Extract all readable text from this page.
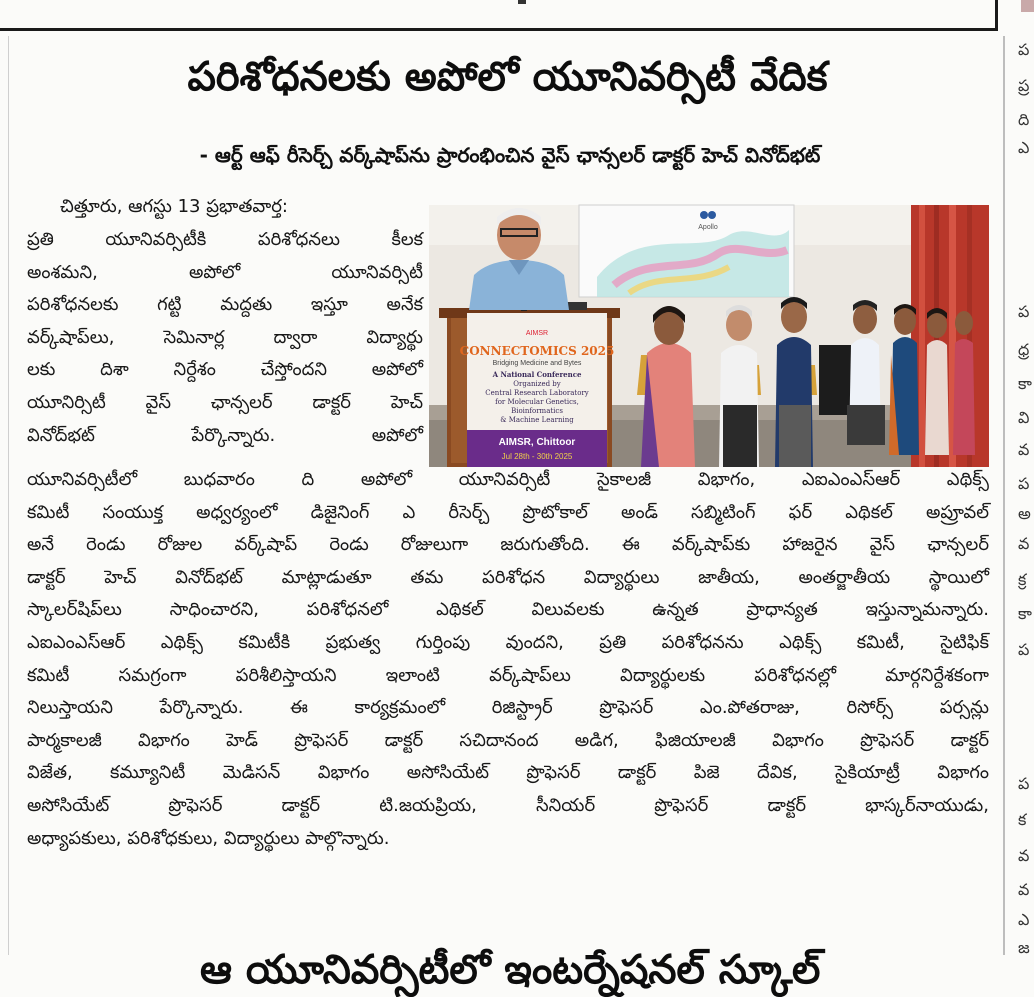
పరిశోధనలకు అపోలో యూనివర్సిటీ వేదిక
- ఆర్ట్ ఆఫ్ రీసెర్చ్ వర్క్‌షాప్‌ను ప్రారంభించిన వైస్ ఛాన్సలర్ డాక్టర్ హెచ్ వినోద్‌భట్
చిత్తూరు, ఆగస్టు 13 ప్రభాతవార్త:
ప్రతి యూనివర్సిటీకి పరిశోధనలు కీలక
అంశమని, అపోలో యూనివర్సిటీ
పరిశోధనలకు గట్టి మద్దతు ఇస్తూ అనేక
వర్క్‌షాప్‌లు, సెమినార్ల ద్వారా విద్యార్థు
లకు దిశా నిర్దేశం చేస్తోందని అపోలో
యూనిర్సిటీ వైస్ ఛాన్సలర్ డాక్టర్ హెచ్
వినోద్‌భట్ పేర్కొన్నారు. అపోలో
Apollo
AIMSR
CONNECTOMICS 2025
Bridging Medicine and Bytes
A National Conference
Organized by
Central Research Laboratory
for Molecular Genetics,
Bioinformatics
& Machine Learning
AIMSR, Chittoor
Jul 28th - 30th 2025
యూనివర్సిటీలో బుధవారం ది అపోలో యూనివర్సిటీ సైకాలజీ విభాగం, ఎఐఎంఎస్ఆర్ ఎథిక్స్
కమిటీ సంయుక్త అధ్వర్యంలో డిజైనింగ్ ఎ రీసెర్చ్ ప్రొటోకాల్ అండ్ సబ్మిటింగ్ ఫర్ ఎథికల్ అప్రూవల్
అనే రెండు రోజుల వర్క్‌షాప్ రెండు రోజులుగా జరుగుతోంది. ఈ వర్క్‌షాప్‌కు హాజరైన వైస్ ఛాన్సలర్
డాక్టర్ హెచ్ వినోద్‌భట్ మాట్లాడుతూ తమ పరిశోధన విద్యార్థులు జాతీయ, అంతర్జాతీయ స్థాయిలో
స్కాలర్‌షిప్‌లు సాధించారని, పరిశోధనలో ఎథికల్ విలువలకు ఉన్నత ప్రాధాన్యత ఇస్తున్నామన్నారు.
ఎఐఎంఎస్ఆర్ ఎథిక్స్ కమిటీకి ప్రభుత్వ గుర్తింపు వుందని, ప్రతి పరిశోధనను ఎథిక్స్ కమిటీ, సైటిఫిక్
కమిటీ సమగ్రంగా పరిశీలిస్తాయని ఇలాంటి వర్క్‌షాప్‌లు విద్యార్థులకు పరిశోధనల్లో మార్గనిర్దేశకంగా
నిలుస్తాయని పేర్కొన్నారు. ఈ కార్యక్రమంలో రిజిస్ట్రార్ ప్రొఫెసర్ ఎం.పోతరాజు, రిసోర్స్ పర్సన్లు
పార్మకాలజీ విభాగం హెడ్ ప్రొఫెసర్ డాక్టర్ సచిదానంద అడిగ, ఫిజియాలజీ విభాగం ప్రొఫెసర్ డాక్టర్
విజేత, కమ్యూనిటీ మెడిసన్ విభాగం అసోసియేట్ ప్రొఫెసర్ డాక్టర్ పిజె దేవిక, సైకియాట్రీ విభాగం
అసోసియేట్ ప్రొఫెసర్ డాక్టర్ టి.జయప్రియ, సీనియర్ ప్రొఫెసర్ డాక్టర్ భాస్కర్‌నాయుడు,
అధ్యాపకులు, పరిశోధకులు, విద్యార్థులు పాల్గొన్నారు.
ఆ యూనివర్సిటీలో ఇంటర్నేషనల్ స్కూల్
ప
ప్ర
ది
ఎ
ప
ధ్ర
కా
వి
వ
ప
అ
వ
క్ర
కా
ప
ప
క
వ
వ
ఎ
జ
